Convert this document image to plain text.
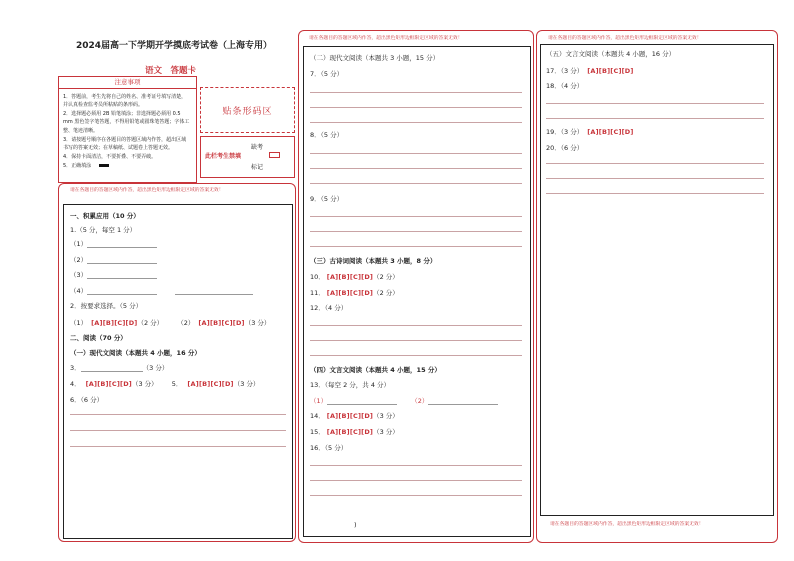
2024届高一下学期开学摸底考试卷（上海专用）
语文　答题卡
注意事项

1．答题前，考生先将自己的姓名、准考证号填写清楚，并认真检查监考员所粘贴的条形码。

2．选择题必须用 2B 铅笔填涂；非选择题必须用 0.5 mm 黑色签字笔答题，不得用铅笔或圆珠笔答题；字体工整、笔迹清晰。

3．请按题号顺序在各题目的答题区域内作答，超出区域书写的答案无效；在草稿纸、试题卷上答题无效。

4．保持卡面清洁，不要折叠、不要弄破。

5．正确填涂

贴条形码区
此栏考生禁填
缺考
标记
请在各题目的答题区域内作答，超出黑色矩形边框限定区域的答案无效！
一、积累应用（10 分）
1.（5 分，每空 1 分）
（1）
（2）
（3）
（4）
2．按要求选择。（5 分）
（1） [A][B][C][D]（2 分） （2） [A][B][C][D]（3 分）
二、阅读（70 分）
（一）现代文阅读（本题共 4 小题，16 分）
3．	（3 分）
4． [A][B][C][D]（3 分） 5． [A][B][C][D]（3 分）
6．（6 分）
请在各题目的答题区域内作答，超出黑色矩形边框限定区域的答案无效！
（二）现代文阅读（本题共 3 小题，15 分）
7．（5 分）
8．（5 分）
9．（5 分）
（三）古诗词阅读（本题共 3 小题，8 分）
10． [A][B][C][D]（2 分）
11． [A][B][C][D]（2 分）
12．（4 分）
（四）文言文阅读（本题共 4 小题，15 分）
13．（每空 2 分，共 4 分）
（1）	（2）
14． [A][B][C][D]（3 分）
15． [A][B][C][D]（3 分）
16．（5 分）
)
请在各题目的答题区域内作答，超出黑色矩形边框限定区域的答案无效！
（五）文言文阅读（本题共 4 小题，16 分）
17．（3 分） [A][B][C][D]
18．（4 分）
19．（3 分） [A][B][C][D]
20．（6 分）
请在各题目的答题区域内作答，超出黑色矩形边框限定区域的答案无效！
